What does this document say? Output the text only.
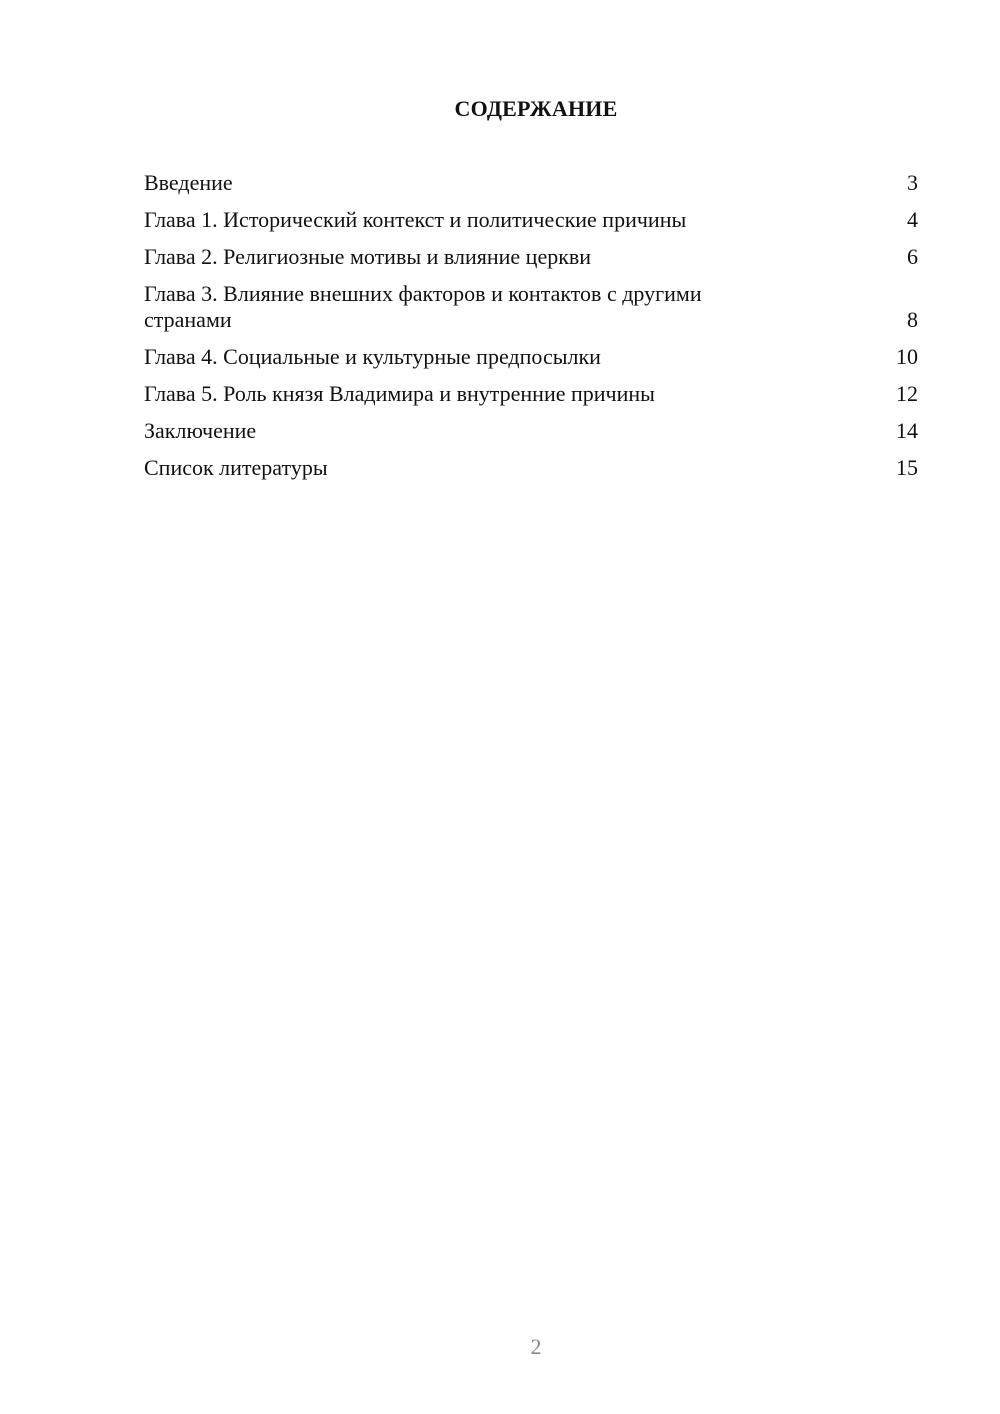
СОДЕРЖАНИЕ
Введение	3
Глава 1. Исторический контекст и политические причины	4
Глава 2. Религиозные мотивы и влияние церкви	6
Глава 3. Влияние внешних факторов и контактов с другими
странами	8
Глава 4. Социальные и культурные предпосылки	10
Глава 5. Роль князя Владимира и внутренние причины	12
Заключение	14
Список литературы	15
2
